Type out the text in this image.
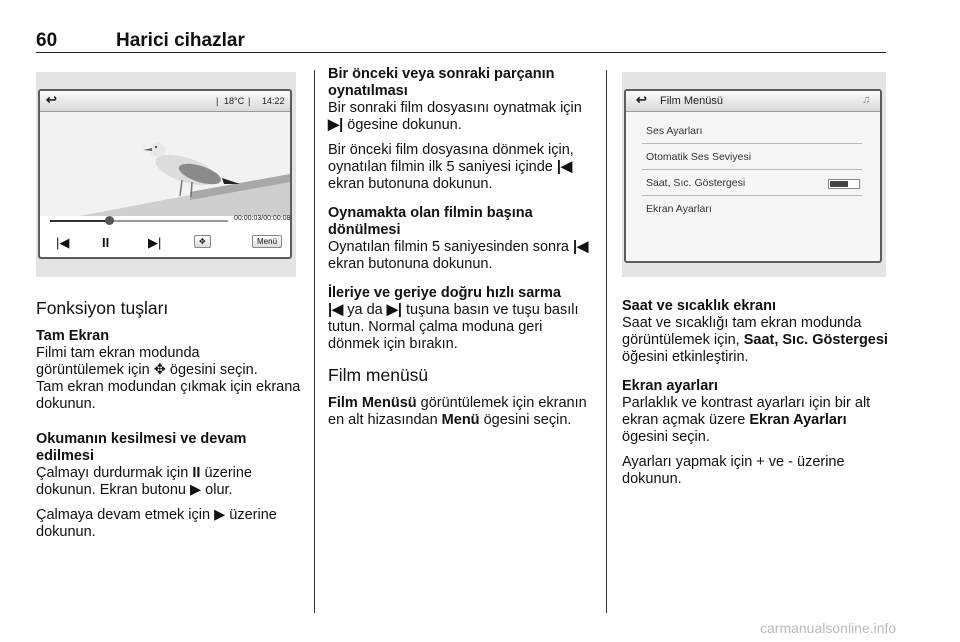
60	Harici cihazlar
↩	| 18°C | 14:22
00:00:03/00:00:08
|◀	II	▶|	✥	Menü
Fonksiyon tuşları
Tam Ekran
Filmi tam ekran modunda
görüntülemek için ✥ ögesini seçin.

Tam ekran modundan çıkmak için ekrana dokunun.

Okumanın kesilmesi ve devam edilmesi

Çalmayı durdurmak için II üzerine dokunun. Ekran butonu ▶ olur.

Çalmaya devam etmek için ▶ üzerine dokunun.

Bir önceki veya sonraki parçanın oynatılması

Bir sonraki film dosyasını oynatmak için ▶| ögesine dokunun.

Bir önceki film dosyasına dönmek için, oynatılan filmin ilk 5 saniyesi içinde |◀ ekran butonuna dokunun.

Oynamakta olan filmin başına dönülmesi

Oynatılan filmin 5 saniyesinden sonra |◀ ekran butonuna dokunun.

İleriye ve geriye doğru hızlı sarma

|◀ ya da ▶| tuşuna basın ve tuşu basılı tutun. Normal çalma moduna geri dönmek için bırakın.

Film menüsü

Film Menüsü görüntülemek için ekranın en alt hizasından Menü ögesini seçin.

↩ Film Menüsü	♫
Ses Ayarları
Otomatik Ses Seviyesi
Saat, Sıc. Göstergesi
Ekran Ayarları
Saat ve sıcaklık ekranı

Saat ve sıcaklığı tam ekran modunda görüntülemek için, Saat, Sıc. Göstergesi öğesini etkinleştirin.

Ekran ayarları

Parlaklık ve kontrast ayarları için bir alt ekran açmak üzere Ekran Ayarları ögesini seçin.

Ayarları yapmak için + ve - üzerine dokunun.

carmanualsonline.info
